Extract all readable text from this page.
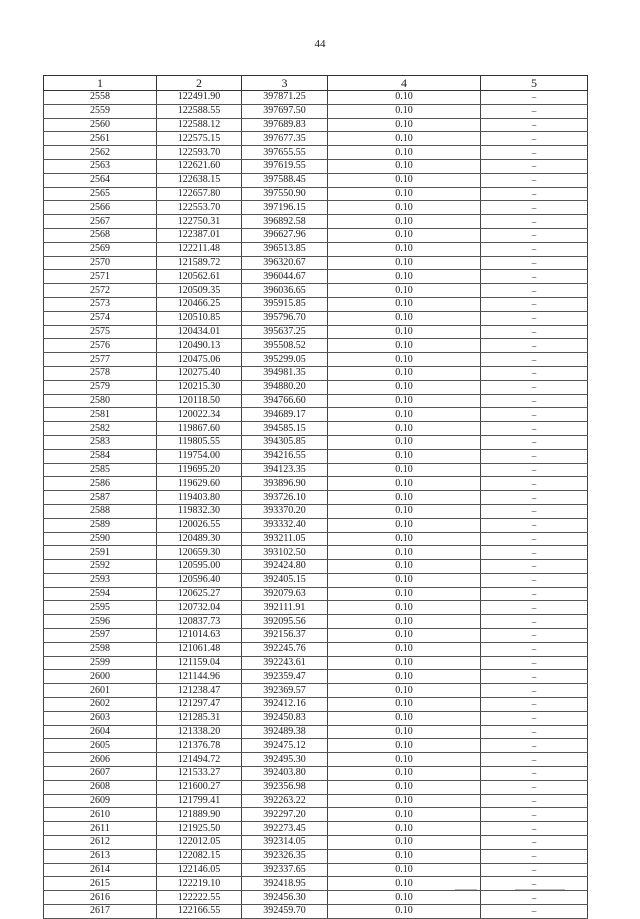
44
1	2	3	4	5
2558	122491.90	397871.25	0.10	–
2559	122588.55	397697.50	0.10	–
2560	122588.12	397689.83	0.10	–
2561	122575.15	397677.35	0.10	–
2562	122593.70	397655.55	0.10	–
2563	122621.60	397619.55	0.10	–
2564	122638.15	397588.45	0.10	–
2565	122657.80	397550.90	0.10	–
2566	122553.70	397196.15	0.10	–
2567	122750.31	396892.58	0.10	–
2568	122387.01	396627.96	0.10	–
2569	122211.48	396513.85	0.10	–
2570	121589.72	396320.67	0.10	–
2571	120562.61	396044.67	0.10	–
2572	120509.35	396036.65	0.10	–
2573	120466.25	395915.85	0.10	–
2574	120510.85	395796.70	0.10	–
2575	120434.01	395637.25	0.10	–
2576	120490.13	395508.52	0.10	–
2577	120475.06	395299.05	0.10	–
2578	120275.40	394981.35	0.10	–
2579	120215.30	394880.20	0.10	–
2580	120118.50	394766.60	0.10	–
2581	120022.34	394689.17	0.10	–
2582	119867.60	394585.15	0.10	–
2583	119805.55	394305.85	0.10	–
2584	119754.00	394216.55	0.10	–
2585	119695.20	394123.35	0.10	–
2586	119629.60	393896.90	0.10	–
2587	119403.80	393726.10	0.10	–
2588	119832.30	393370.20	0.10	–
2589	120026.55	393332.40	0.10	–
2590	120489.30	393211.05	0.10	–
2591	120659.30	393102.50	0.10	–
2592	120595.00	392424.80	0.10	–
2593	120596.40	392405.15	0.10	–
2594	120625.27	392079.63	0.10	–
2595	120732.04	392111.91	0.10	–
2596	120837.73	392095.56	0.10	–
2597	121014.63	392156.37	0.10	–
2598	121061.48	392245.76	0.10	–
2599	121159.04	392243.61	0.10	–
2600	121144.96	392359.47	0.10	–
2601	121238.47	392369.57	0.10	–
2602	121297.47	392412.16	0.10	–
2603	121285.31	392450.83	0.10	–
2604	121338.20	392489.38	0.10	–
2605	121376.78	392475.12	0.10	–
2606	121494.72	392495.30	0.10	–
2607	121533.27	392403.80	0.10	–
2608	121600.27	392356.98	0.10	–
2609	121799.41	392263.22	0.10	–
2610	121889.90	392297.20	0.10	–
2611	121925.50	392273.45	0.10	–
2612	122012.05	392314.05	0.10	–
2613	122082.15	392326.35	0.10	–
2614	122146.05	392337.65	0.10	–
2615	122219.10	392418.95	0.10	–
2616	122222.55	392456.30	0.10	–
2617	122166.55	392459.70	0.10	–
